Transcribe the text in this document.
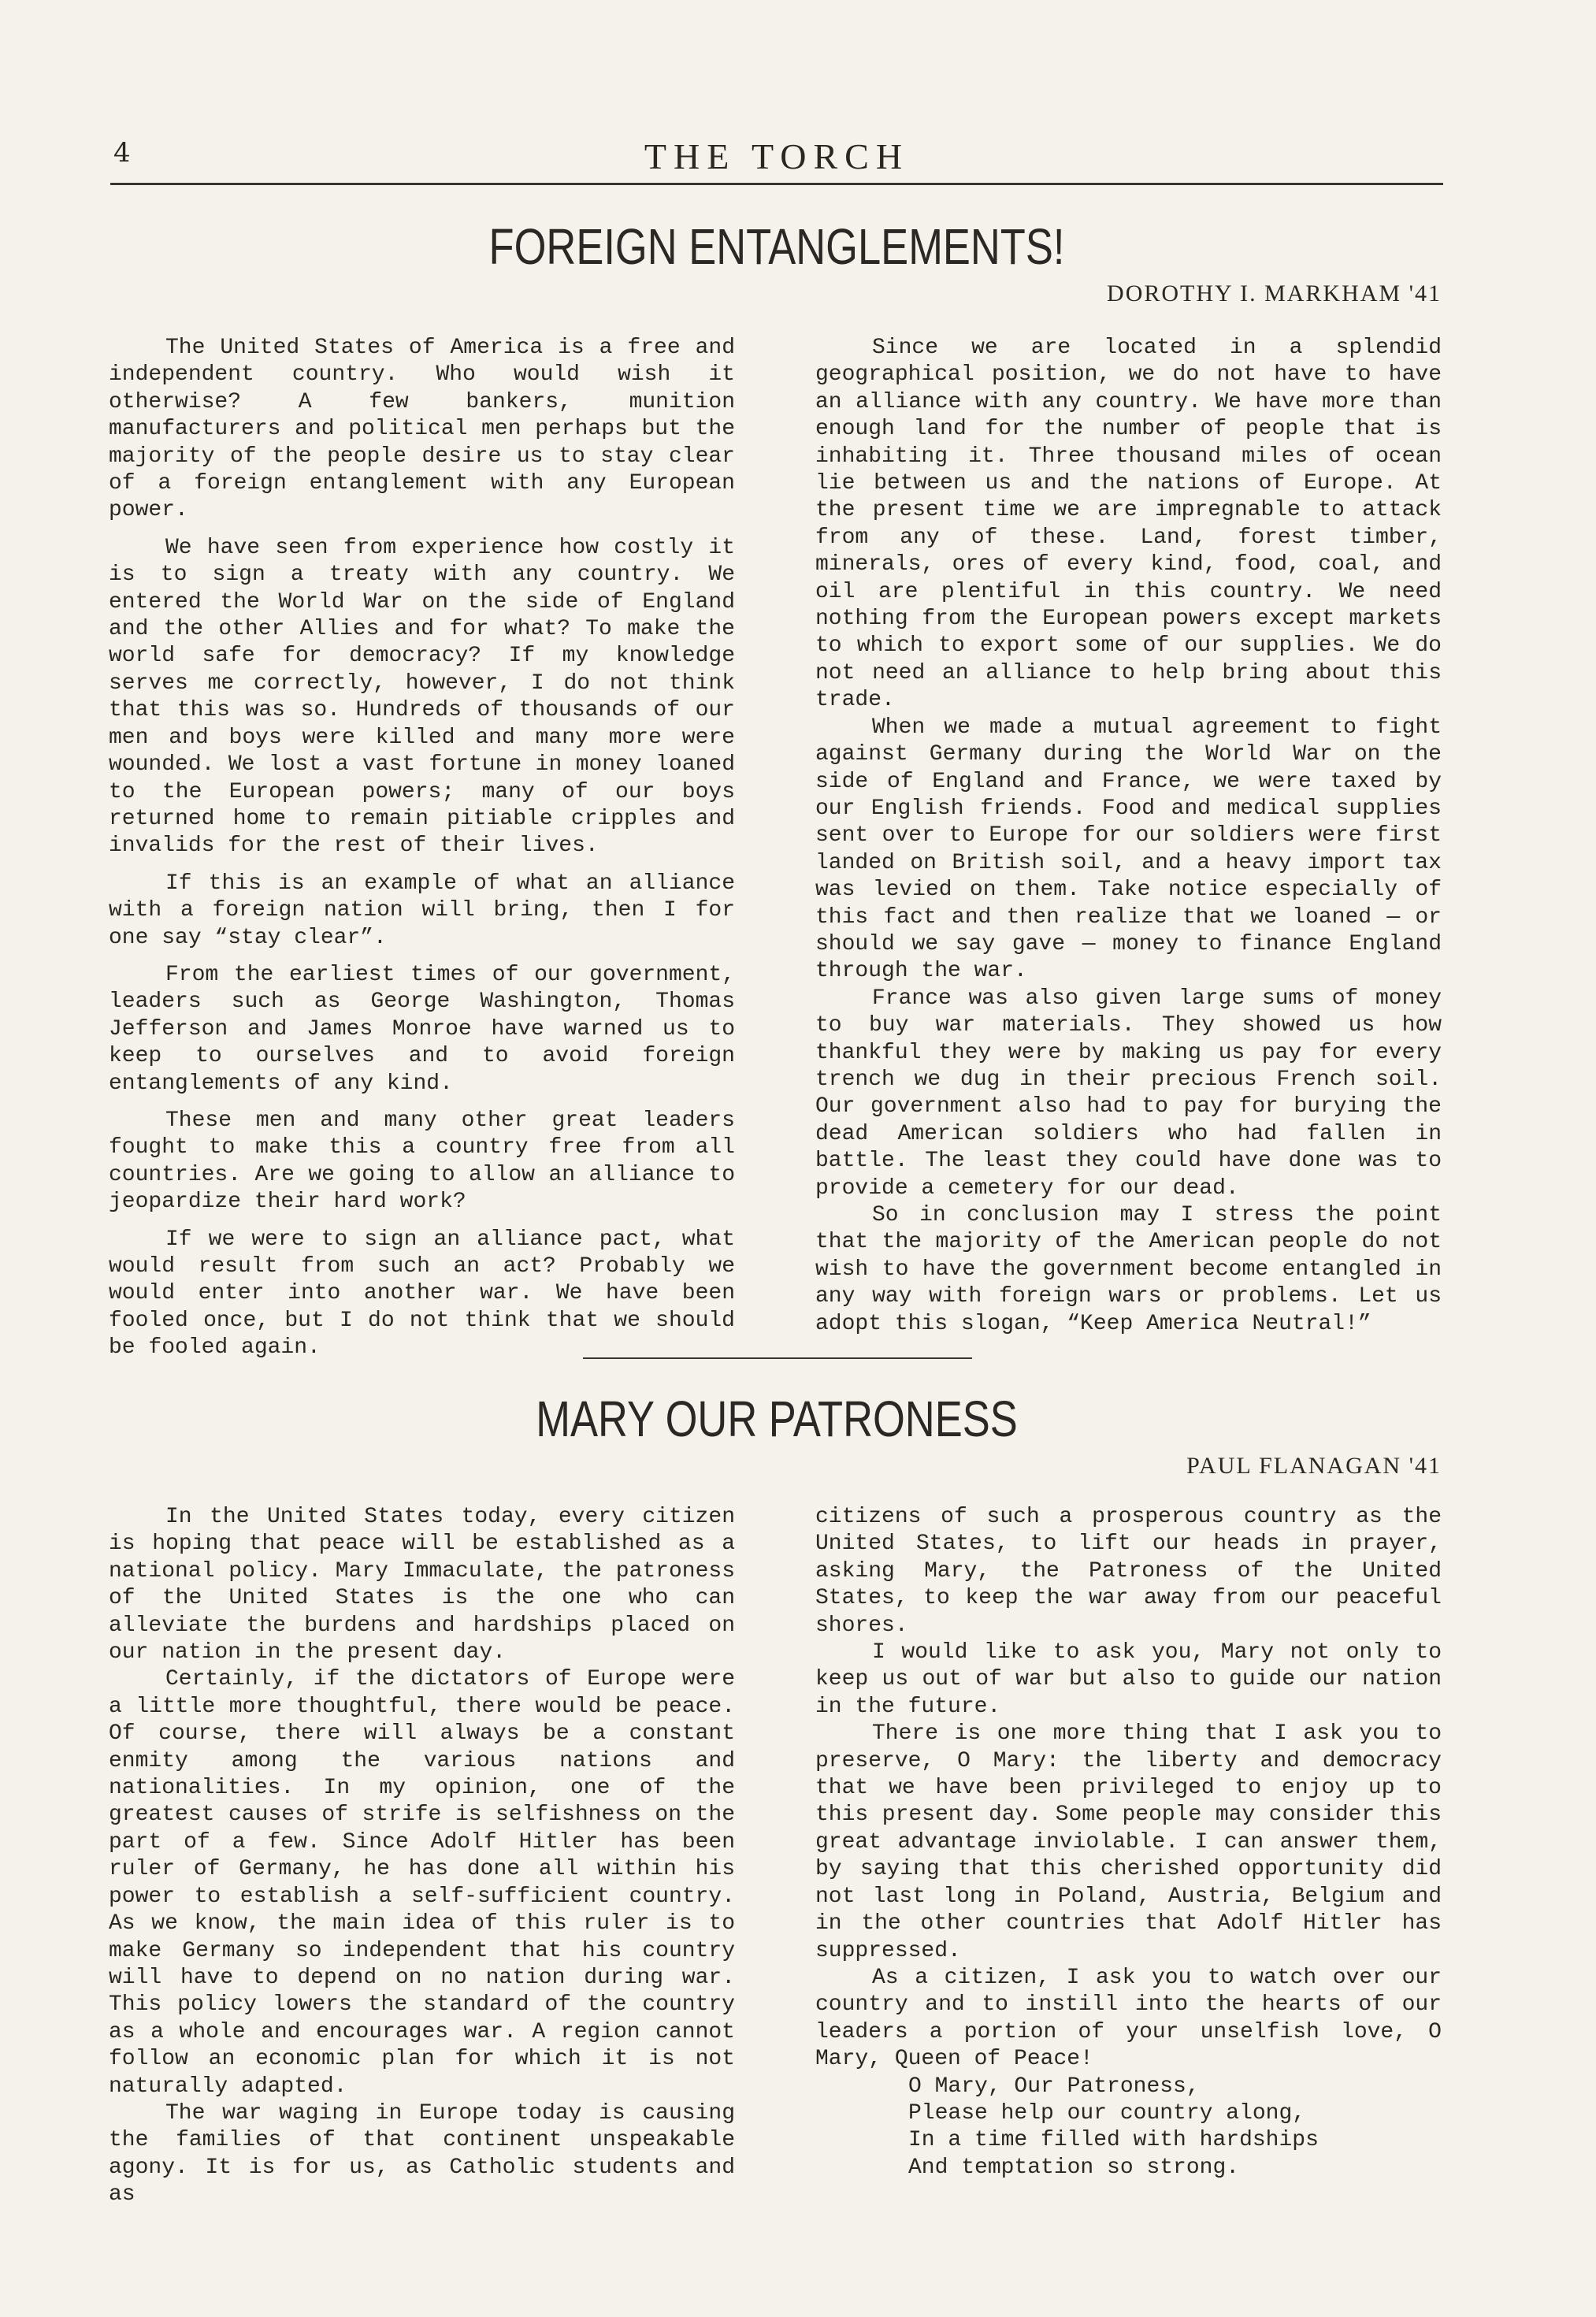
4	THE TORCH
FOREIGN ENTANGLEMENTS!
DOROTHY I. MARKHAM '41

The United States of America is a free and independent country. Who would wish it otherwise? A few bankers, munition manufacturers and political men perhaps but the majority of the people desire us to stay clear of a foreign entanglement with any European power.

We have seen from experience how costly it is to sign a treaty with any country. We entered the World War on the side of England and the other Allies and for what? To make the world safe for democracy? If my knowledge serves me correctly, however, I do not think that this was so. Hundreds of thousands of our men and boys were killed and many more were wounded. We lost a vast fortune in money loaned to the European powers; many of our boys returned home to remain pitiable cripples and invalids for the rest of their lives.

If this is an example of what an alliance with a foreign nation will bring, then I for one say “stay clear”.

From the earliest times of our government, leaders such as George Washington, Thomas Jefferson and James Monroe have warned us to keep to ourselves and to avoid foreign entanglements of any kind.

These men and many other great leaders fought to make this a country free from all countries. Are we going to allow an alliance to jeopardize their hard work?

If we were to sign an alliance pact, what would result from such an act? Probably we would enter into another war. We have been fooled once, but I do not think that we should be fooled again.

Since we are located in a splendid geographical position, we do not have to have an alliance with any country. We have more than enough land for the number of people that is inhabiting it. Three thousand miles of ocean lie between us and the nations of Europe. At the present time we are impregnable to attack from any of these. Land, forest timber, minerals, ores of every kind, food, coal, and oil are plentiful in this country. We need nothing from the European powers except markets to which to export some of our supplies. We do not need an alliance to help bring about this trade.

When we made a mutual agreement to fight against Germany during the World War on the side of England and France, we were taxed by our English friends. Food and medical supplies sent over to Europe for our soldiers were first landed on British soil, and a heavy import tax was levied on them. Take notice especially of this fact and then realize that we loaned — or should we say gave — money to finance England through the war.

France was also given large sums of money to buy war materials. They showed us how thankful they were by making us pay for every trench we dug in their precious French soil. Our government also had to pay for burying the dead American soldiers who had fallen in battle. The least they could have done was to provide a cemetery for our dead.

So in conclusion may I stress the point that the majority of the American people do not wish to have the government become entangled in any way with foreign wars or problems. Let us adopt this slogan, “Keep America Neutral!”

MARY OUR PATRONESS
PAUL FLANAGAN '41

In the United States today, every citizen is hoping that peace will be established as a national policy. Mary Immaculate, the patroness of the United States is the one who can alleviate the burdens and hardships placed on our nation in the present day.

Certainly, if the dictators of Europe were a little more thoughtful, there would be peace. Of course, there will always be a constant enmity among the various nations and nationalities. In my opinion, one of the greatest causes of strife is selfishness on the part of a few. Since Adolf Hitler has been ruler of Germany, he has done all within his power to establish a self-sufficient country. As we know, the main idea of this ruler is to make Germany so independent that his country will have to depend on no nation during war. This policy lowers the standard of the country as a whole and encourages war. A region cannot follow an economic plan for which it is not naturally adapted.

The war waging in Europe today is causing the families of that continent unspeakable agony. It is for us, as Catholic students and as

citizens of such a prosperous country as the United States, to lift our heads in prayer, asking Mary, the Patroness of the United States, to keep the war away from our peaceful shores.

I would like to ask you, Mary not only to keep us out of war but also to guide our nation in the future.

There is one more thing that I ask you to preserve, O Mary: the liberty and democracy that we have been privileged to enjoy up to this present day. Some people may consider this great advantage inviolable. I can answer them, by saying that this cherished opportunity did not last long in Poland, Austria, Belgium and in the other countries that Adolf Hitler has suppressed.

As a citizen, I ask you to watch over our country and to instill into the hearts of our leaders a portion of your unselfish love, O Mary, Queen of Peace!

O Mary, Our Patroness,

Please help our country along,

In a time filled with hardships

And temptation so strong.
